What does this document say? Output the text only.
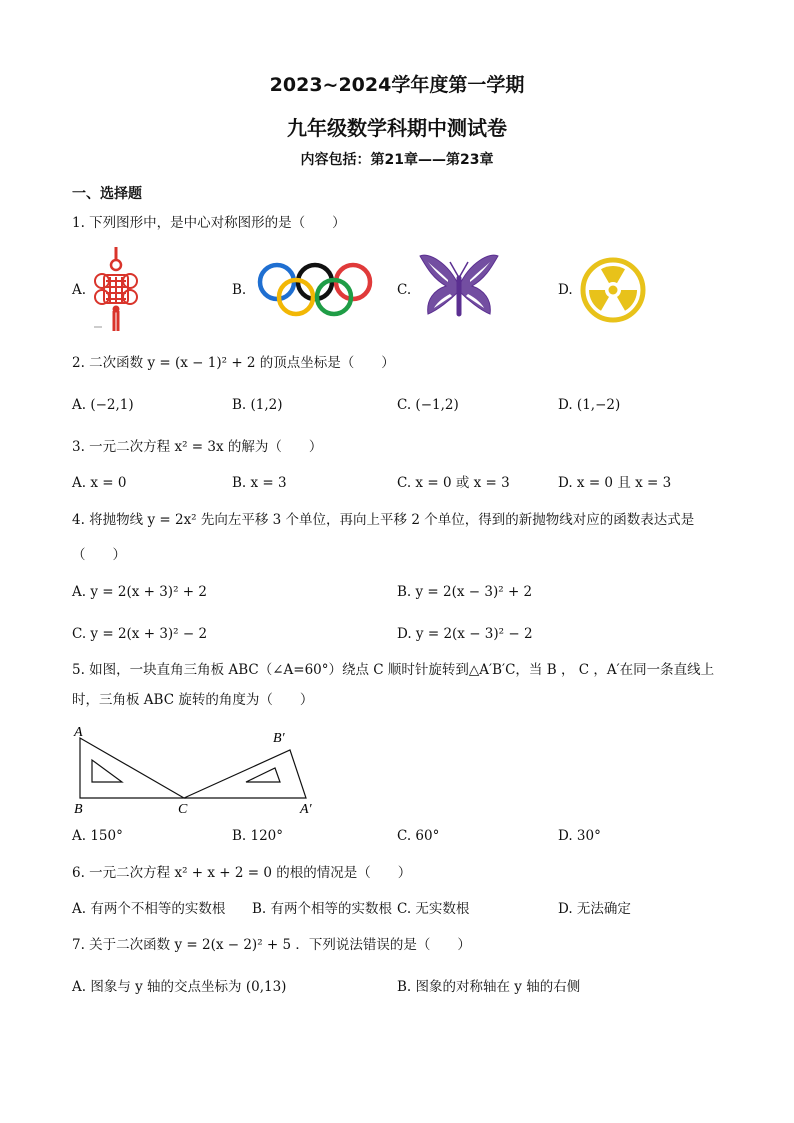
2023~2024学年度第一学期
九年级数学科期中测试卷
内容包括：第21章——第23章
一、选择题
1. 下列图形中，是中心对称图形的是（　　）
A.	B.	C.	D.
2. 二次函数 y = (x − 1)² + 2 的顶点坐标是（　　）
A. (−2,1)	B. (1,2)	C. (−1,2)	D. (1,−2)
3. 一元二次方程 x² = 3x 的解为（　　）
A. x = 0	B. x = 3	C. x = 0 或 x = 3	D. x = 0 且 x = 3
4. 将抛物线 y = 2x² 先向左平移 3 个单位，再向上平移 2 个单位，得到的新抛物线对应的函数表达式是
（　　）
A. y = 2(x + 3)² + 2	B. y = 2(x − 3)² + 2
C. y = 2(x + 3)² − 2	D. y = 2(x − 3)² − 2
5. 如图，一块直角三角板 ABC（∠A=60°）绕点 C 顺时针旋转到△A′B′C，当 B ， C ，A′在同一条直线上
时，三角板 ABC 旋转的角度为（　　）
A
B	C
B′
A′
A. 150°	B. 120°	C. 60°	D. 30°
6. 一元二次方程 x² + x + 2 = 0 的根的情况是（　　）
A. 有两个不相等的实数根 B. 有两个相等的实数根 C. 无实数根	D. 无法确定
7. 关于二次函数 y = 2(x − 2)² + 5 ．下列说法错误的是（　　）
A. 图象与 y 轴的交点坐标为 (0,13)	B. 图象的对称轴在 y 轴的右侧
